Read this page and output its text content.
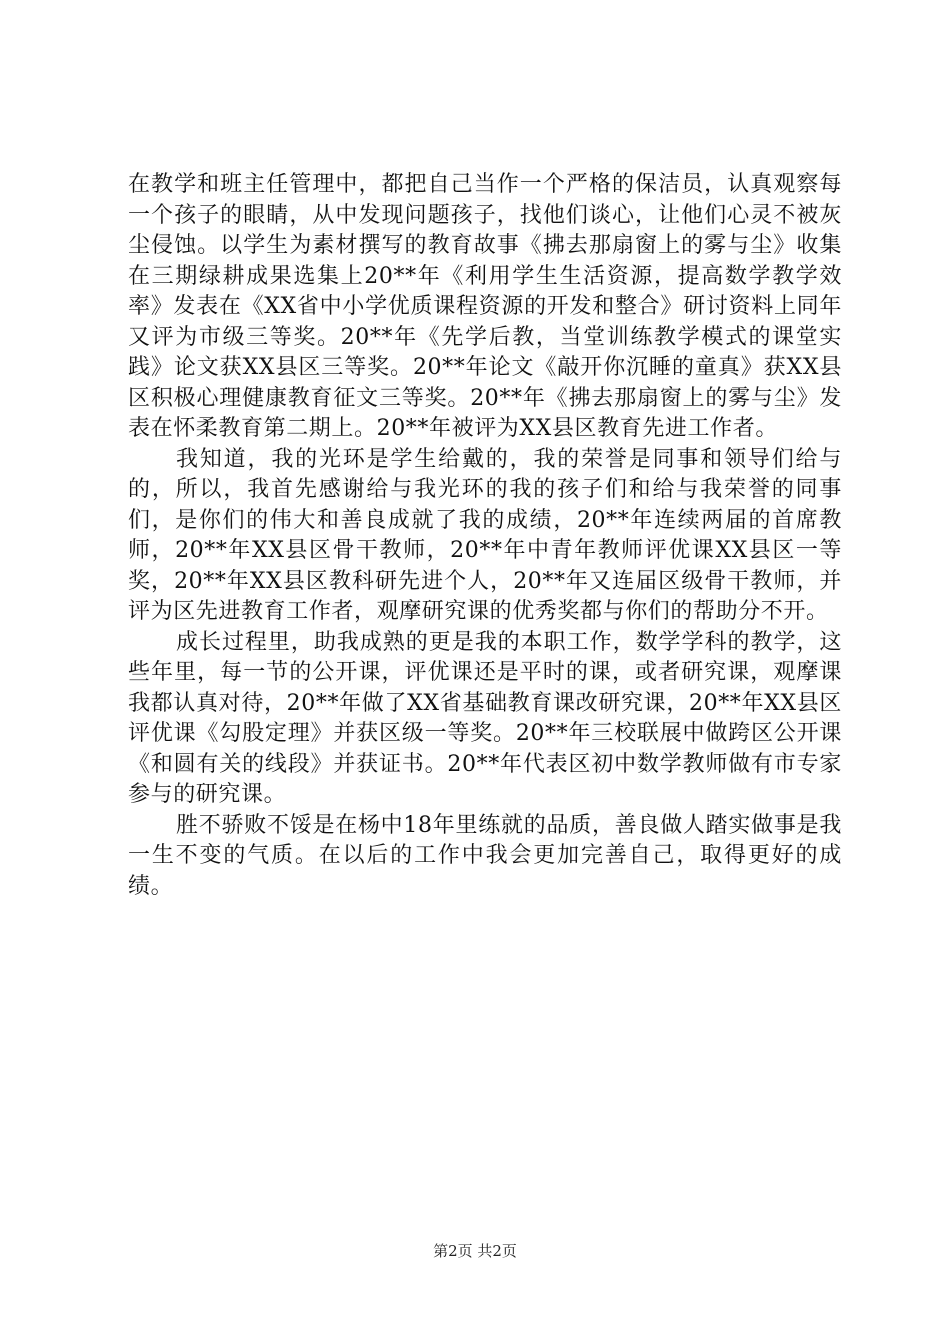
在教学和班主任管理中，都把自己当作一个严格的保洁员，认真观察每一个孩子的眼睛，从中发现问题孩子，找他们谈心，让他们心灵不被灰尘侵蚀。以学生为素材撰写的教育故事《拂去那扇窗上的雾与尘》收集在三期绿耕成果选集上20**年《利用学生生活资源，提高数学教学效率》发表在《XX省中小学优质课程资源的开发和整合》研讨资料上同年又评为市级三等奖。20**年《先学后教，当堂训练教学模式的课堂实践》论文获XX县区三等奖。20**年论文《敲开你沉睡的童真》获XX县区积极心理健康教育征文三等奖。20**年《拂去那扇窗上的雾与尘》发表在怀柔教育第二期上。20**年被评为XX县区教育先进工作者。

我知道，我的光环是学生给戴的，我的荣誉是同事和领导们给与的，所以，我首先感谢给与我光环的我的孩子们和给与我荣誉的同事们，是你们的伟大和善良成就了我的成绩，20**年连续两届的首席教师，20**年XX县区骨干教师，20**年中青年教师评优课XX县区一等奖，20**年XX县区教科研先进个人，20**年又连届区级骨干教师，并评为区先进教育工作者，观摩研究课的优秀奖都与你们的帮助分不开。

成长过程里，助我成熟的更是我的本职工作，数学学科的教学，这些年里，每一节的公开课，评优课还是平时的课，或者研究课，观摩课我都认真对待，20**年做了XX省基础教育课改研究课，20**年XX县区评优课《勾股定理》并获区级一等奖。20**年三校联展中做跨区公开课《和圆有关的线段》并获证书。20**年代表区初中数学教师做有市专家参与的研究课。

胜不骄败不馁是在杨中18年里练就的品质，善良做人踏实做事是我一生不变的气质。在以后的工作中我会更加完善自己，取得更好的成绩。

第2页 共2页
